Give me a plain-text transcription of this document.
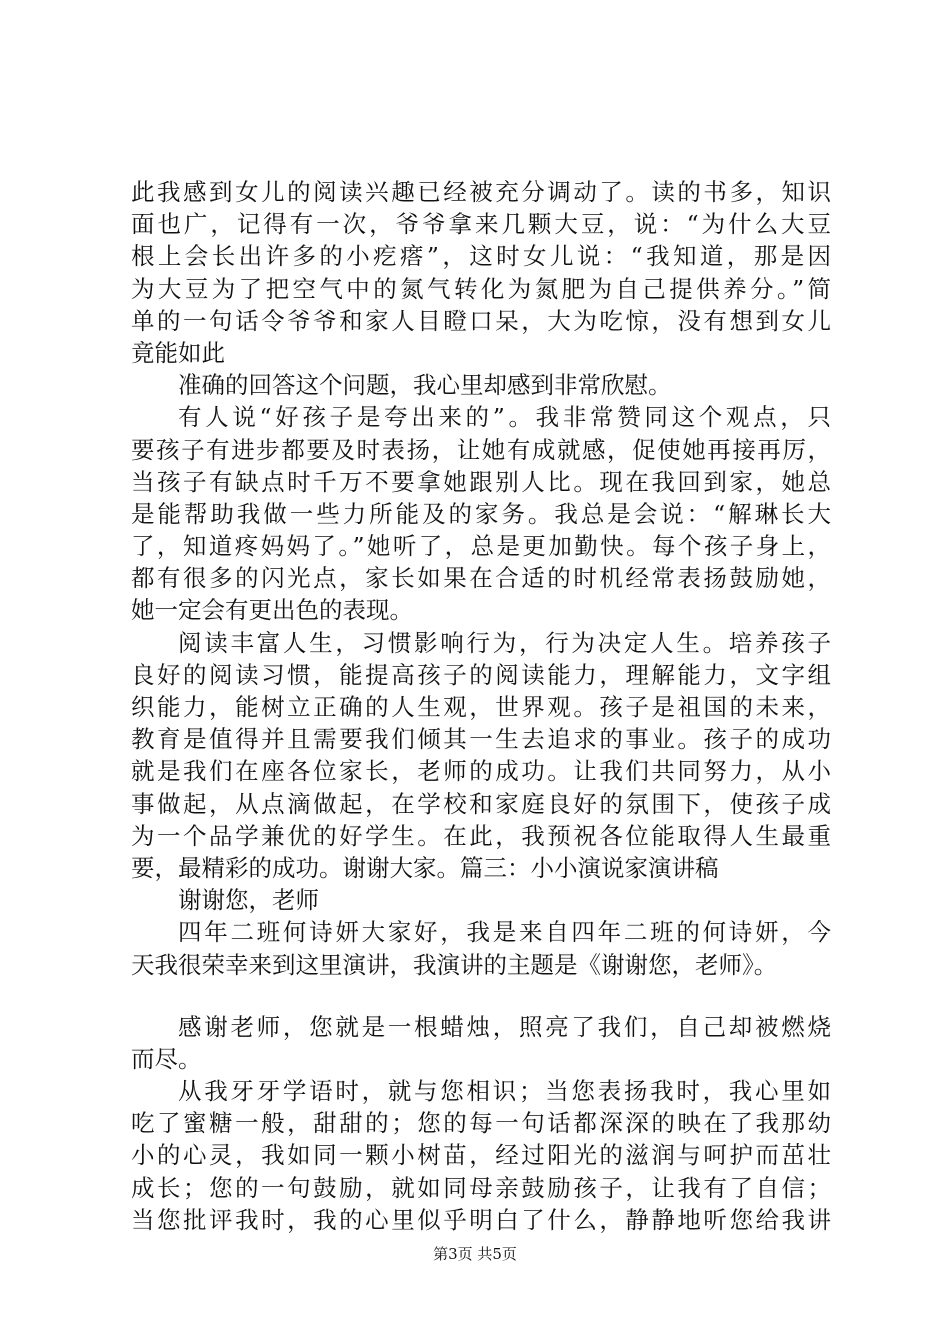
此我感到女儿的阅读兴趣已经被充分调动了。读的书多，知识
面也广，记得有一次，爷爷拿来几颗大豆，说：“为什么大豆
根上会长出许多的小疙瘩”，这时女儿说：“我知道，那是因
为大豆为了把空气中的氮气转化为氮肥为自己提供养分。”简
单的一句话令爷爷和家人目瞪口呆，大为吃惊，没有想到女儿
竟能如此
准确的回答这个问题，我心里却感到非常欣慰。
有人说“好孩子是夸出来的”。我非常赞同这个观点，只
要孩子有进步都要及时表扬，让她有成就感，促使她再接再厉，
当孩子有缺点时千万不要拿她跟别人比。现在我回到家，她总
是能帮助我做一些力所能及的家务。我总是会说：“解琳长大
了，知道疼妈妈了。”她听了，总是更加勤快。每个孩子身上，
都有很多的闪光点，家长如果在合适的时机经常表扬鼓励她，
她一定会有更出色的表现。
阅读丰富人生，习惯影响行为，行为决定人生。培养孩子
良好的阅读习惯，能提高孩子的阅读能力，理解能力，文字组
织能力，能树立正确的人生观，世界观。孩子是祖国的未来，
教育是值得并且需要我们倾其一生去追求的事业。孩子的成功
就是我们在座各位家长，老师的成功。让我们共同努力，从小
事做起，从点滴做起，在学校和家庭良好的氛围下，使孩子成
为一个品学兼优的好学生。在此，我预祝各位能取得人生最重
要，最精彩的成功。谢谢大家。篇三：小小演说家演讲稿
谢谢您，老师
四年二班何诗妍大家好，我是来自四年二班的何诗妍，今
天我很荣幸来到这里演讲，我演讲的主题是《谢谢您，老师》。
感谢老师，您就是一根蜡烛，照亮了我们，自己却被燃烧
而尽。
从我牙牙学语时，就与您相识；当您表扬我时，我心里如
吃了蜜糖一般，甜甜的；您的每一句话都深深的映在了我那幼
小的心灵，我如同一颗小树苗，经过阳光的滋润与呵护而茁壮
成长；您的一句鼓励，就如同母亲鼓励孩子，让我有了自信；
当您批评我时，我的心里似乎明白了什么，静静地听您给我讲
第3页 共5页
